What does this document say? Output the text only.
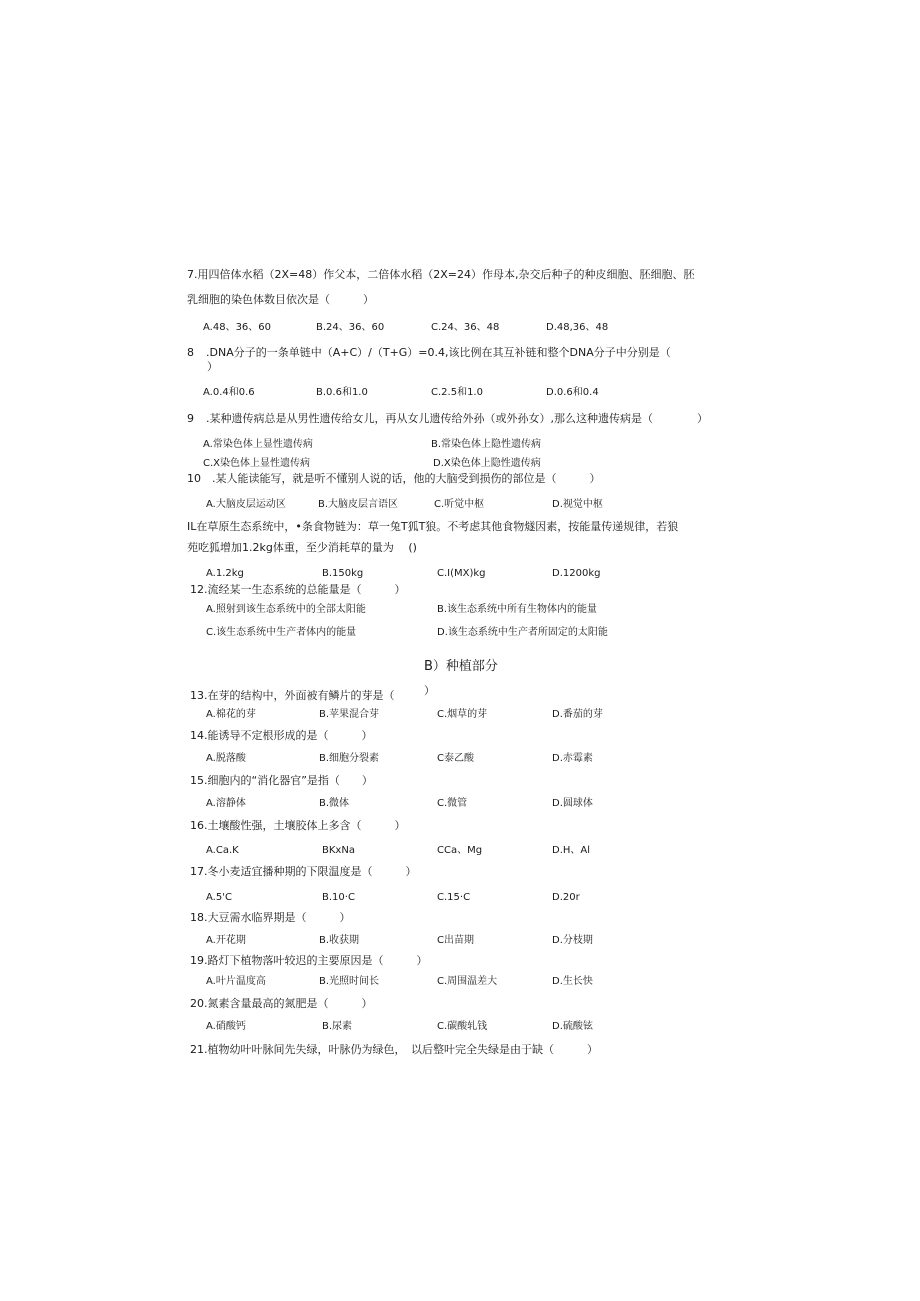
7.用四倍体水稻（2X=48）作父本，二倍体水稻（2X=24）作母本,杂交后种子的种皮细胞、胚细胞、胚
乳细胞的染色体数目依次是（　　　）
A.48、36、60	B.24、36、60	C.24、36、48	D.48,36、48
8 .DNA分子的一条单链中（A+C）/（T+G）=0.4,该比例在其互补链和整个DNA分子中分别是（
）
A.0.4和0.6	B.0.6和1.0	C.2.5和1.0	D.0.6和0.4
9 .某种遗传病总是从男性遗传给女儿，再从女儿遗传给外孙（或外孙女）,那么这种遗传病是（　　　　）
A.常染色体上显性遗传病	B.常染色体上隐性遗传病
C.X染色体上显性遗传病	D.X染色体上隐性遗传病
10 .某人能读能写，就是听不懂别人说的话，他的大脑受到损伤的部位是（　　　）
A.大脑皮层运动区	B.大脑皮层言语区	C.听觉中枢	D.视觉中枢
IL在草原生态系统中，•条食物链为：草一兔T狐T狼。不考虑其他食物燧因素，按能量传递规律，若狼
苑吃狐增加1.2kg体重，至少消耗草的量为　 ()
A.1.2kg	B.150kg	C.I(MX)kg	D.1200kg
12.流经某一生态系统的总能量是（　　　）
A.照射到该生态系统中的全部太阳能	B.该生态系统中所有生物体内的能量
C.该生态系统中生产者体内的能量	D.该生态系统中生产者所固定的太阳能
B）种植部分
13.在芽的结构中，外面被有鳞片的芽是（　　　
）
A.棉花的芽	B.苹果混合芽	C.烟草的芽	D.番茄的芽
14.能诱导不定根形成的是（　　　）
A.脱落酸	B.细胞分裂素	C泰乙酸	D.赤霉素
15.细胞内的“消化器官”是指（　　）
A.溶静体	B.微体	C.微管	D.圆球体
16.土壤酸性强，土壤胶体上多含（　　　）
A.Ca.K	BKxNa	CCa、Mg	D.H、Al
17.冬小麦适宜播种期的下限温度是（　　　）
A.5'C	B.10·C	C.15·C	D.20r
18.大豆需水临界期是（　　　）
A.开花期	B.收获期	C出苗期	D.分枝期
19.路灯下植物落叶较迟的主要原因是（　　　）
A.叶片温度高	B.光照时间长	C.周围温差大	D.生长快
20.氮素含量最高的氮肥是（　　　）
A.硝酸钙	B.尿素	C.碳酸轧钱	D.硫酸铉
21.植物幼叶叶脉间先失绿，叶脉仍为绿色， 以后整叶完全失绿是由于缺（　　　）
